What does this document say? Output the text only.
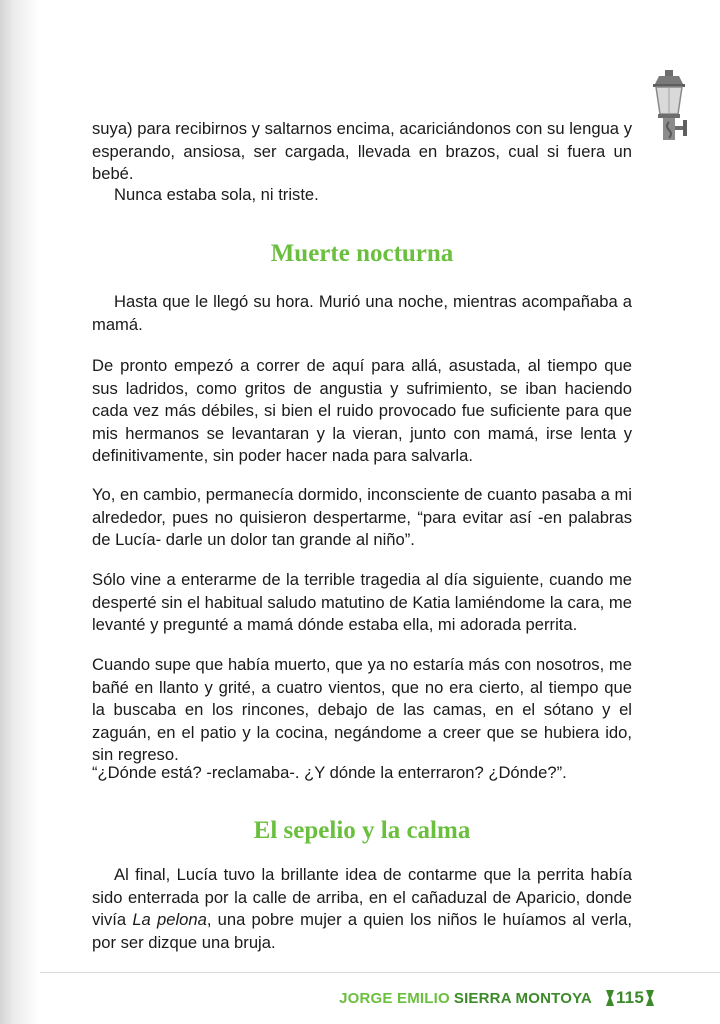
suya) para recibirnos y saltarnos encima, acariciándonos con su lengua y esperando, ansiosa, ser cargada, llevada en brazos, cual si fuera un bebé.

Nunca estaba sola, ni triste.

Muerte nocturna

Hasta que le llegó su hora. Murió una noche, mientras acompañaba a mamá.

De pronto empezó a correr de aquí para allá, asustada, al tiempo que sus ladridos, como gritos de angustia y sufrimiento, se iban haciendo cada vez más débiles, si bien el ruido provocado fue suficiente para que mis hermanos se levantaran y la vieran, junto con mamá, irse lenta y definitivamente, sin poder hacer nada para salvarla.

Yo, en cambio, permanecía dormido, inconsciente de cuanto pasaba a mi alrededor, pues no quisieron despertarme, “para evitar así -en palabras de Lucía- darle un dolor tan grande al niño”.

Sólo vine a enterarme de la terrible tragedia al día siguiente, cuando me desperté sin el habitual saludo matutino de Katia lamiéndome la cara, me levanté y pregunté a mamá dónde estaba ella, mi adorada perrita.

Cuando supe que había muerto, que ya no estaría más con nosotros, me bañé en llanto y grité, a cuatro vientos, que no era cierto, al tiempo que la buscaba en los rincones, debajo de las camas, en el sótano y el zaguán, en el patio y la cocina, negándome a creer que se hubiera ido, sin regreso.

“¿Dónde está? -reclamaba-. ¿Y dónde la enterraron? ¿Dónde?”.

El sepelio y la calma

Al final, Lucía tuvo la brillante idea de contarme que la perrita había sido enterrada por la calle de arriba, en el cañaduzal de Aparicio, donde vivía La pelona, una pobre mujer a quien los niños le huíamos al verla, por ser dizque una bruja.

JORGE EMILIO SIERRA MONTOYA 115
